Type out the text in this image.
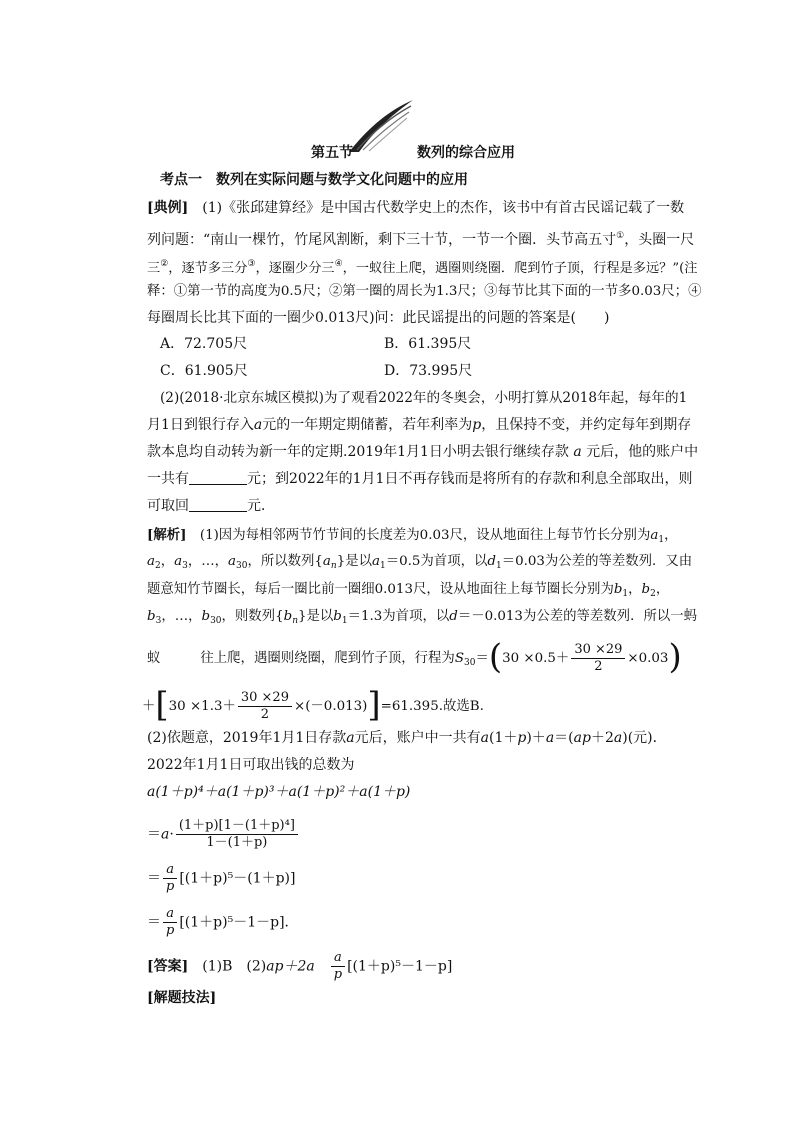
第五节	数列的综合应用
考点一　数列在实际问题与数学文化问题中的应用
[典例]　(1)《张邱建算经》是中国古代数学史上的杰作，该书中有首古民谣记载了一数
列问题：“南山一棵竹，竹尾风割断，剩下三十节，一节一个圈．头节高五寸①，头圈一尺
三②，逐节多三分③，逐圈少分三④，一蚁往上爬，遇圈则绕圈．爬到竹子顶，行程是多远？”(注
释：①第一节的高度为0.5尺；②第一圈的周长为1.3尺；③每节比其下面的一节多0.03尺；④
每圈周长比其下面的一圈少0.013尺)问：此民谣提出的问题的答案是(　　)
A．72.705尺	B．61.395尺
C．61.905尺	D．73.995尺
(2)(2018·北京东城区模拟)为了观看2022年的冬奥会，小明打算从2018年起，每年的1
月1日到银行存入a元的一年期定期储蓄，若年利率为p，且保持不变，并约定每年到期存
款本息均自动转为新一年的定期.2019年1月1日小明去银行继续存款 a 元后，他的账户中
一共有	元；到2022年的1月1日不再存钱而是将所有的存款和利息全部取出，则
可取回	元．
[解析]　(1)因为每相邻两节竹节间的长度差为0.03尺，设从地面往上每节竹长分别为$a_1$，
$a_2$，$a_3$，…，$a_{30}$，所以数列$\{a_n\}$是以$a_1=0.5$为首项，以$d_1=0.03$为公差的等差数列．又由
题意知竹节圈长，每后一圈比前一圈细0.013尺，设从地面往上每节圈长分别为$b_1$，$b_2$，
$b_3$，…，$b_{30}$，则数列$\{b_n\}$是以$b_1=1.3$为首项，以d＝－0.013为公差的等差数列．所以一蚂
蚁	往上爬，遇圈则绕圈，爬到竹子顶，行程为$S_{30}=(30 \times 0.5+ \frac{30 \times 29}{2} \times 0.03)$
$+[30 \times 1.3+ \frac{30 \times 29}{2} \times(-0.013)]=61.395$.故选B.
(2)依题意，2019年1月1日存款a元后，账户中一共有a(1＋p)＋a＝(ap＋2a)(元)．
2022年1月1日可取出钱的总数为
a(1＋p)⁴＋a(1＋p)³＋a(1＋p)²＋a(1＋p)
$=a\cdot \frac{\text{(1＋p)[1－(1＋p)⁴]}}{1-(1+p)}$
＝ $\frac{a}{p} [(1+p)^5-(1+p)]$
＝ $\frac{a}{p} [(1+p)^5-1-p]$．
[答案]　(1)B　(2)ap＋2a　 $\frac{a}{p} [(1+p)^5-1-p]$
[解题技法]
